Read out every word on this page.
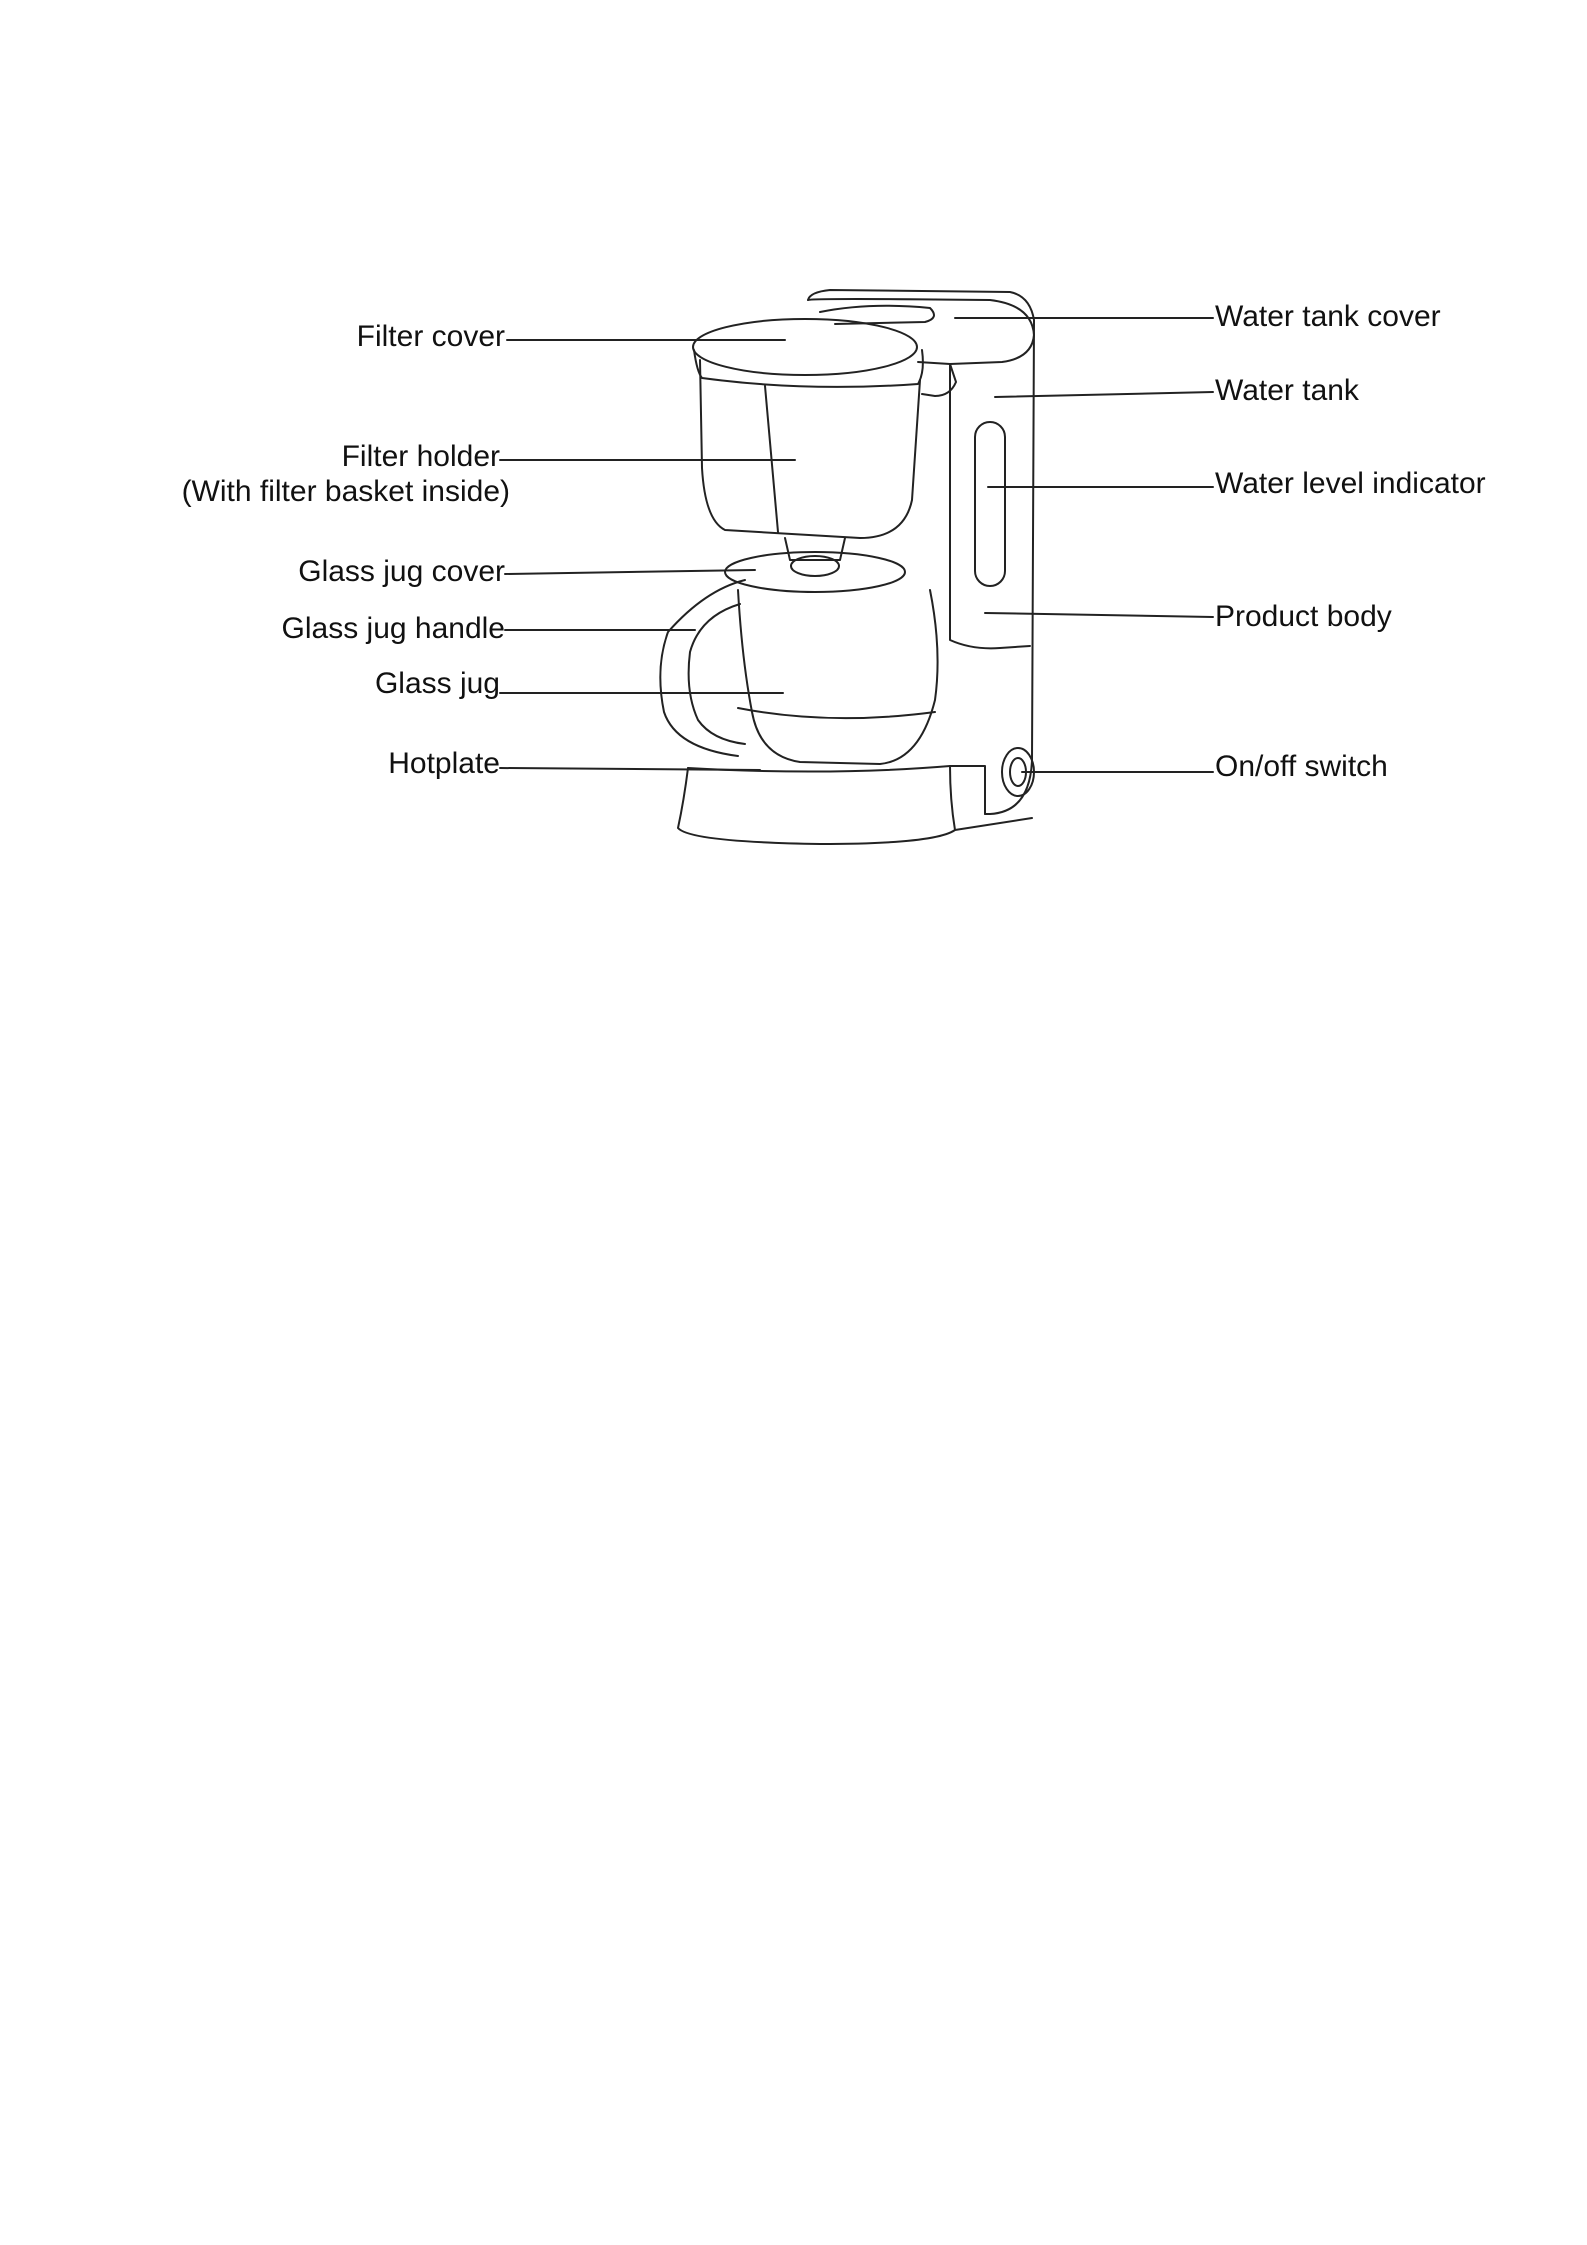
Filter cover
Filter holder
(With filter basket inside)
Glass jug cover
Glass jug handle
Glass jug
Hotplate
Water tank cover
Water tank
Water level indicator
Product body
On/off switch
